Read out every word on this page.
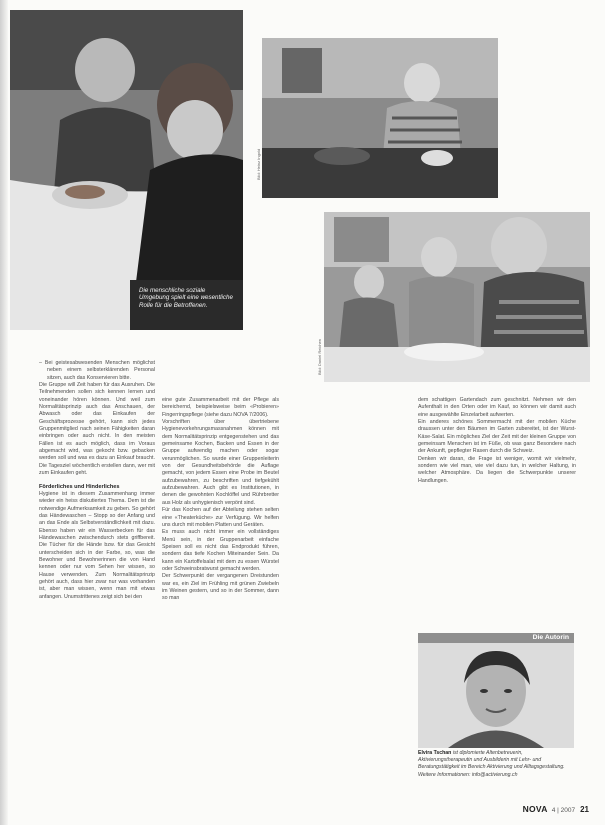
Die menschliche soziale Umgebung spielt eine wesentliche Rolle für die Betroffenen.
Bild: Heinz Ingold
Bild: Daniel Reichen

– Bei geistesabwesenden Menschen möglichst neben einem selbsterklärenden Personal sitzen, auch das Konservieren bitte.

Die Gruppe will Zeit haben für das Ausruhen. Die Teilnehmenden sollen sich kennen lernen und voneinander hören können. Und weil zum Normalitätsprinzip auch das Anschauen, der Abwasch oder das Einkaufen der Geschäftsprozesse gehört, kann sich jedes Gruppenmitglied nach seinen Fähigkeiten daran einbringen oder auch nicht. In den meisten Fällen ist es auch möglich, dass im Voraus abgemacht wird, was gekocht bzw. gebacken werden soll und was es dazu an Einkauf braucht. Die Tagesziel wöchentlich erstellen dann, wer mit zum Einkaufen geht.

Förderliches und Hinderliches

Hygiene ist in diesem Zusammenhang immer wieder ein heiss diskutiertes Thema. Dem ist die notwendige Aufmerksamkeit zu geben. So gehört das Händewaschen – Stopp so der Anfang und an das Ende als Selbstverständlichkeit mit dazu. Ebenso haben wir ein Wasserbecken für das Händewaschen zwischendurch stets griffbereit. Die Tücher für die Hände bzw. für das Gesicht unterscheiden sich in der Farbe, so, was die Bewohner und Bewohnerinnen die von Hand kennen oder nur vom Sehen her wissen, so Hause verwenden. Zum Normalitätsprinzip gehört auch, dass hier zwar nur was vorhanden ist, aber man wissen, wenn man mit etwas anfangen. Unumstrittenes zeigt sich bei den

eine gute Zusammenarbeit mit der Pflege als bereichernd, beispielsweise beim «Probieren» Fingerringspflege (siehe dazu NOVA 7/2006).

Vorschriften über übertriebene Hygienevorkehrungsmassnahmen können mit dem Normalitätsprinzip entgegenstehen und das gemeinsame Kochen, Backen und Essen in der Gruppe aufwendig machen oder sogar verunmöglichen. So wurde einer Gruppenleiterin von der Gesundheitsbehörde die Auflage gemacht, von jedem Essen eine Probe im Beutel aufzubewahren, zu beschriften und tiefgekühlt aufzubewahren. Auch gibt es Institutionen, in denen die gewohnten Kochlöffel und Rührbretter aus Holz als unhygienisch verpönt sind.

Für das Kochen auf der Abteilung stehen selten eine «Theaterküche» zur Verfügung. Wir helfen uns durch mit mobilen Platten und Geräten.

Es muss auch nicht immer ein vollständiges Menü sein, in der Gruppenarbeit einfache Speisen soll es nicht das Endprodukt führen, sondern das tiefe Kochen Miteinander Sein. Da kann ein Kartoffelsalat mit dem zu essen Würstel oder Schweinsbratwurst gemacht werden.

Der Schwerpunkt der vergangenen Dreistunden war es, ein Ziel im Frühling mit grünen Zwiebeln im Weinen gestern, und so in der Sommer, dann so man

dem schattigen Gartendach zum geschnitzt. Nehmen wir den Aufenthalt in den Orten oder im Kauf, so können wir damit auch eine ausgewählte Einzelarbeit aufwerten.

Ein anderes schönes Sommermacht mit der mobilen Küche draussen unter den Bäumen im Garten zubereitet, ist der Wurst-Käse-Salat. Ein mögliches Ziel der Zeit mit der kleinen Gruppe von gemeinsam Menschen ist im Füße, ob was ganz Besondere nach der Ankunft, gepflegter Rasen durch die Schweiz.

Denken wir daran, die Frage ist weniger, womit wir vielmehr, sondern wie viel man, wie viel dazu tun, in welcher Haltung, in welcher Atmosphäre. Da liegen die Schwerpunkte unserer Handlungen.

Die Autorin
Elvira Tschan ist diplomierte Altenbetreuerin, Aktivierungstherapeutin und Ausbilderin mit Lehr- und Beratungstätigkeit im Bereich Aktivierung und Alltagsgestaltung. Weitere Informationen: info@activierung.ch
NOVA 4 | 2007 21
